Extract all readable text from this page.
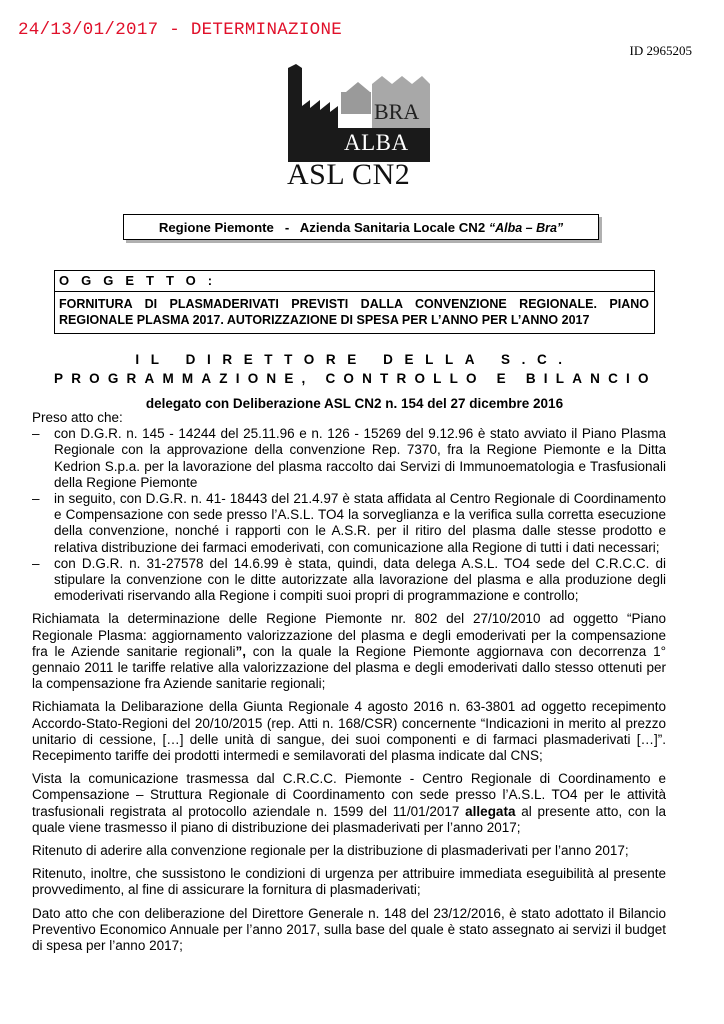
24/13/01/2017 - DETERMINAZIONE
ID 2965205
BRA
ALBA
ASL CN2
Regione Piemonte   -   Azienda Sanitaria Locale CN2 “Alba – Bra”
OGGETTO:
FORNITURA DI PLASMADERIVATI PREVISTI DALLA CONVENZIONE REGIONALE. PIANO REGIONALE PLASMA 2017. AUTORIZZAZIONE DI SPESA PER L’ANNO PER L’ANNO 2017
IL DIRETTORE DELLA S.C.
PROGRAMMAZIONE, CONTROLLO E BILANCIO
delegato con Deliberazione ASL CN2 n. 154 del 27 dicembre 2016

Preso atto che:

– con D.G.R. n. 145 - 14244 del 25.11.96 e n. 126 - 15269 del 9.12.96 è stato avviato il Piano Plasma Regionale con la approvazione della convenzione Rep. 7370, fra la Regione Piemonte e la Ditta Kedrion S.p.a. per la lavorazione del plasma raccolto dai Servizi di Immunoematologia e Trasfusionali della Regione Piemonte
– in seguito, con D.G.R. n. 41- 18443 del 21.4.97 è stata affidata al Centro Regionale di Coordinamento e Compensazione con sede presso l’A.S.L. TO4 la sorveglianza e la verifica sulla corretta esecuzione della convenzione, nonché i rapporti con le A.S.R. per il ritiro del plasma dalle stesse prodotto e relativa distribuzione dei farmaci emoderivati, con comunicazione alla Regione di tutti i dati necessari;
– con D.G.R. n. 31-27578 del 14.6.99 è stata, quindi, data delega A.S.L. TO4 sede del C.R.C.C. di stipulare la convenzione con le ditte autorizzate alla lavorazione del plasma e alla produzione degli emoderivati riservando alla Regione i compiti suoi propri di programmazione e controllo;

Richiamata la determinazione delle Regione Piemonte nr. 802 del 27/10/2010 ad oggetto “Piano Regionale Plasma: aggiornamento valorizzazione del plasma e degli emoderivati per la compensazione fra le Aziende sanitarie regionali”, con la quale la Regione Piemonte aggiornava con decorrenza 1° gennaio 2011 le tariffe relative alla valorizzazione del plasma e degli emoderivati dallo stesso ottenuti per la compensazione fra Aziende sanitarie regionali;

Richiamata la Delibarazione della Giunta Regionale 4 agosto 2016 n. 63-3801 ad oggetto recepimento Accordo-Stato-Regioni del 20/10/2015 (rep. Atti n. 168/CSR) concernente “Indicazioni in merito al prezzo unitario di cessione, […] delle unità di sangue, dei suoi componenti e di farmaci plasmaderivati […]”. Recepimento tariffe dei prodotti intermedi e semilavorati del plasma indicate dal CNS;

Vista la comunicazione trasmessa dal C.R.C.C. Piemonte - Centro Regionale di Coordinamento e Compensazione – Struttura Regionale di Coordinamento con sede presso l’A.S.L. TO4 per le attività trasfusionali registrata al protocollo aziendale n. 1599 del 11/01/2017 allegata al presente atto, con la quale viene trasmesso il piano di distribuzione dei plasmaderivati per l’anno 2017;

Ritenuto di aderire alla convenzione regionale per la distribuzione di plasmaderivati per l’anno 2017;

Ritenuto, inoltre, che sussistono le condizioni di urgenza per attribuire immediata eseguibilità al presente provvedimento, al fine di assicurare la fornitura di plasmaderivati;

Dato atto che con deliberazione del Direttore Generale n. 148 del 23/12/2016, è stato adottato il Bilancio Preventivo Economico Annuale per l’anno 2017, sulla base del quale è stato assegnato ai servizi il budget di spesa per l’anno 2017;
